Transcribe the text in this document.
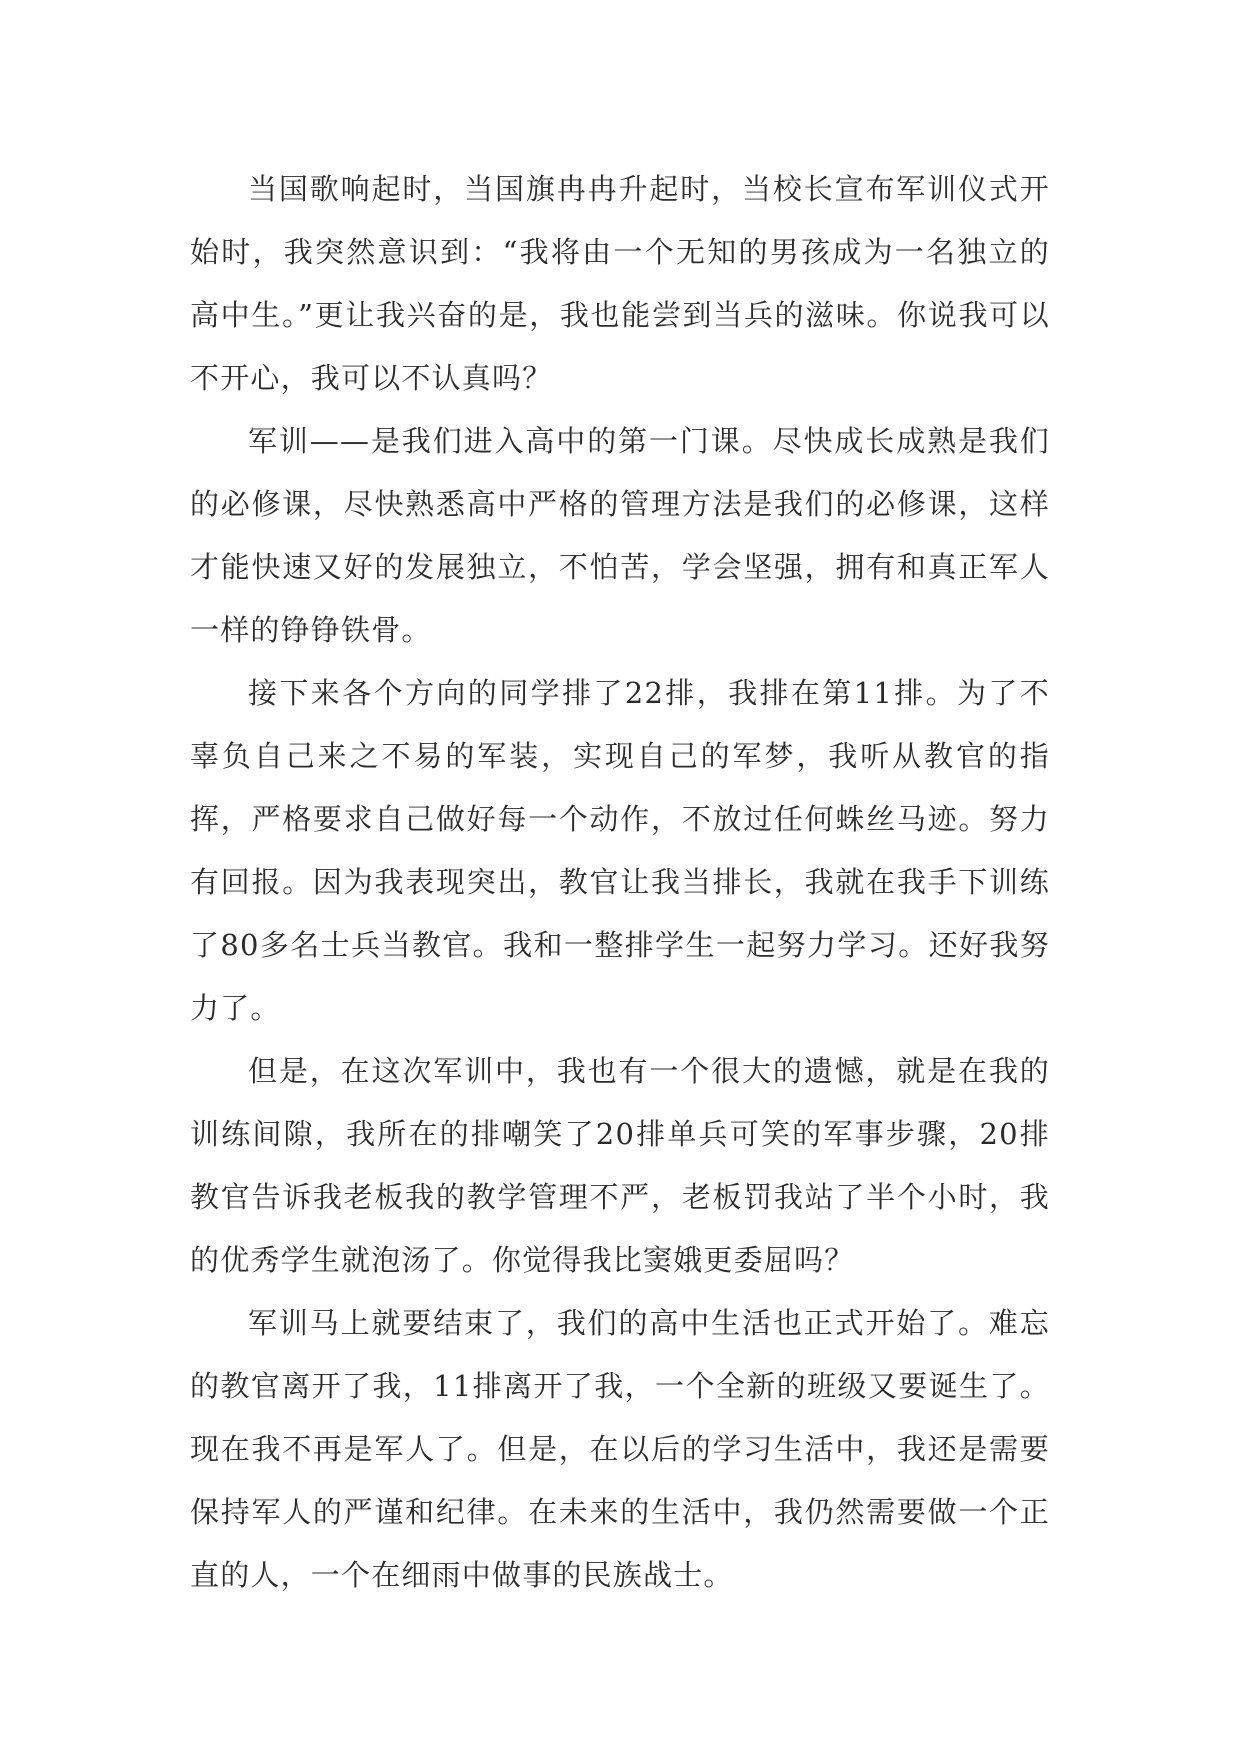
当国歌响起时，当国旗冉冉升起时，当校长宣布军训仪式开始时，我突然意识到：“我将由一个无知的男孩成为一名独立的高中生。”更让我兴奋的是，我也能尝到当兵的滋味。你说我可以不开心，我可以不认真吗？

军训——是我们进入高中的第一门课。尽快成长成熟是我们的必修课，尽快熟悉高中严格的管理方法是我们的必修课，这样才能快速又好的发展独立，不怕苦，学会坚强，拥有和真正军人一样的铮铮铁骨。

接下来各个方向的同学排了22排，我排在第11排。为了不辜负自己来之不易的军装，实现自己的军梦，我听从教官的指挥，严格要求自己做好每一个动作，不放过任何蛛丝马迹。努力有回报。因为我表现突出，教官让我当排长，我就在我手下训练了80多名士兵当教官。我和一整排学生一起努力学习。还好我努力了。

但是，在这次军训中，我也有一个很大的遗憾，就是在我的训练间隙，我所在的排嘲笑了20排单兵可笑的军事步骤，20排教官告诉我老板我的教学管理不严，老板罚我站了半个小时，我的优秀学生就泡汤了。你觉得我比窦娥更委屈吗？

军训马上就要结束了，我们的高中生活也正式开始了。难忘的教官离开了我，11排离开了我，一个全新的班级又要诞生了。现在我不再是军人了。但是，在以后的学习生活中，我还是需要保持军人的严谨和纪律。在未来的生活中，我仍然需要做一个正直的人，一个在细雨中做事的民族战士。
